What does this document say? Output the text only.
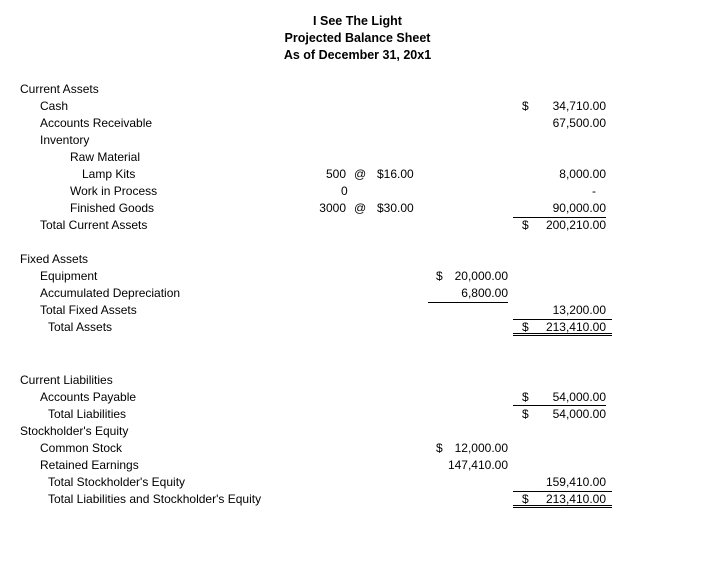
I See The Light
Projected Balance Sheet
As of December 31, 20x1
Current Assets
Cash	$	34,710.00
Accounts Receivable	67,500.00
Inventory
Raw Material
Lamp Kits	500 @ $16.00	8,000.00
Work in Process	0	-
Finished Goods	3000 @ $30.00	90,000.00
Total Current Assets	$	200,210.00
Fixed Assets
Equipment	$ 20,000.00
Accumulated Depreciation	6,800.00
Total Fixed Assets	13,200.00
Total Assets	$	213,410.00
Current Liabilities
Accounts Payable	$	54,000.00
Total Liabilities	$	54,000.00
Stockholder's Equity
Common Stock	$ 12,000.00
Retained Earnings	147,410.00
Total Stockholder's Equity	159,410.00
Total Liabilities and Stockholder's Equity	$	213,410.00
